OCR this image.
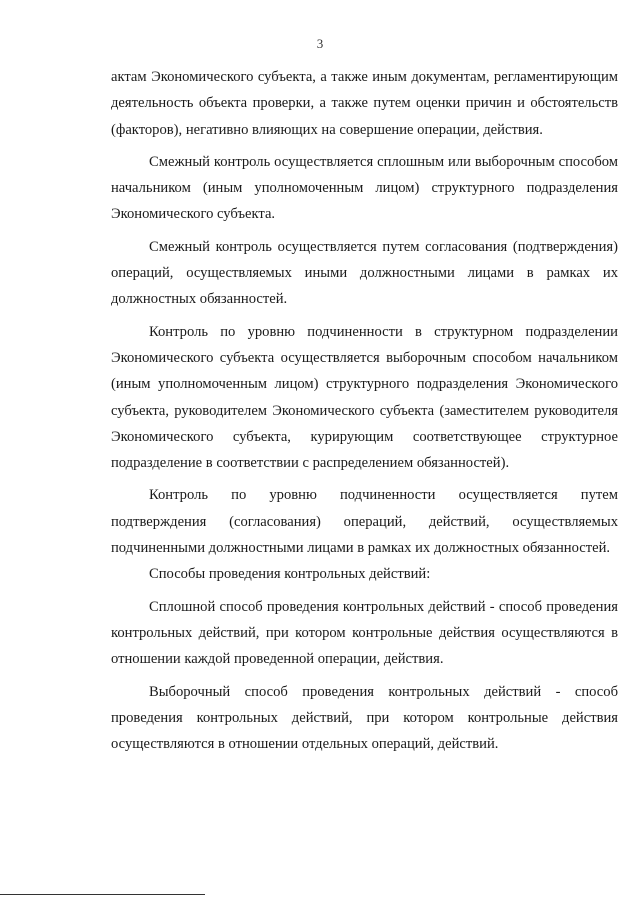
3

актам Экономического субъекта, а также иным документам, регламентирующим деятельность объекта проверки, а также путем оценки причин и обстоятельств (факторов), негативно влияющих на совершение операции, действия.

Смежный контроль осуществляется сплошным или выборочным способом начальником (иным уполномоченным лицом) структурного подразделения Экономического субъекта.

Смежный контроль осуществляется путем согласования (подтверждения) операций, осуществляемых иными должностными лицами в рамках их должностных обязанностей.

Контроль по уровню подчиненности в структурном подразделении Экономического субъекта осуществляется выборочным способом начальником (иным уполномоченным лицом) структурного подразделения Экономического субъекта, руководителем Экономического субъекта (заместителем руководителя Экономического субъекта, курирующим соответствующее структурное подразделение в соответствии с распределением обязанностей).

Контроль по уровню подчиненности осуществляется путем подтверждения (согласования) операций, действий, осуществляемых подчиненными должностными лицами в рамках их должностных обязанностей.

Способы проведения контрольных действий:

Сплошной способ проведения контрольных действий - способ проведения контрольных действий, при котором контрольные действия осуществляются в отношении каждой проведенной операции, действия.

Выборочный способ проведения контрольных действий - способ проведения контрольных действий, при котором контрольные действия осуществляются в отношении отдельных операций, действий.
